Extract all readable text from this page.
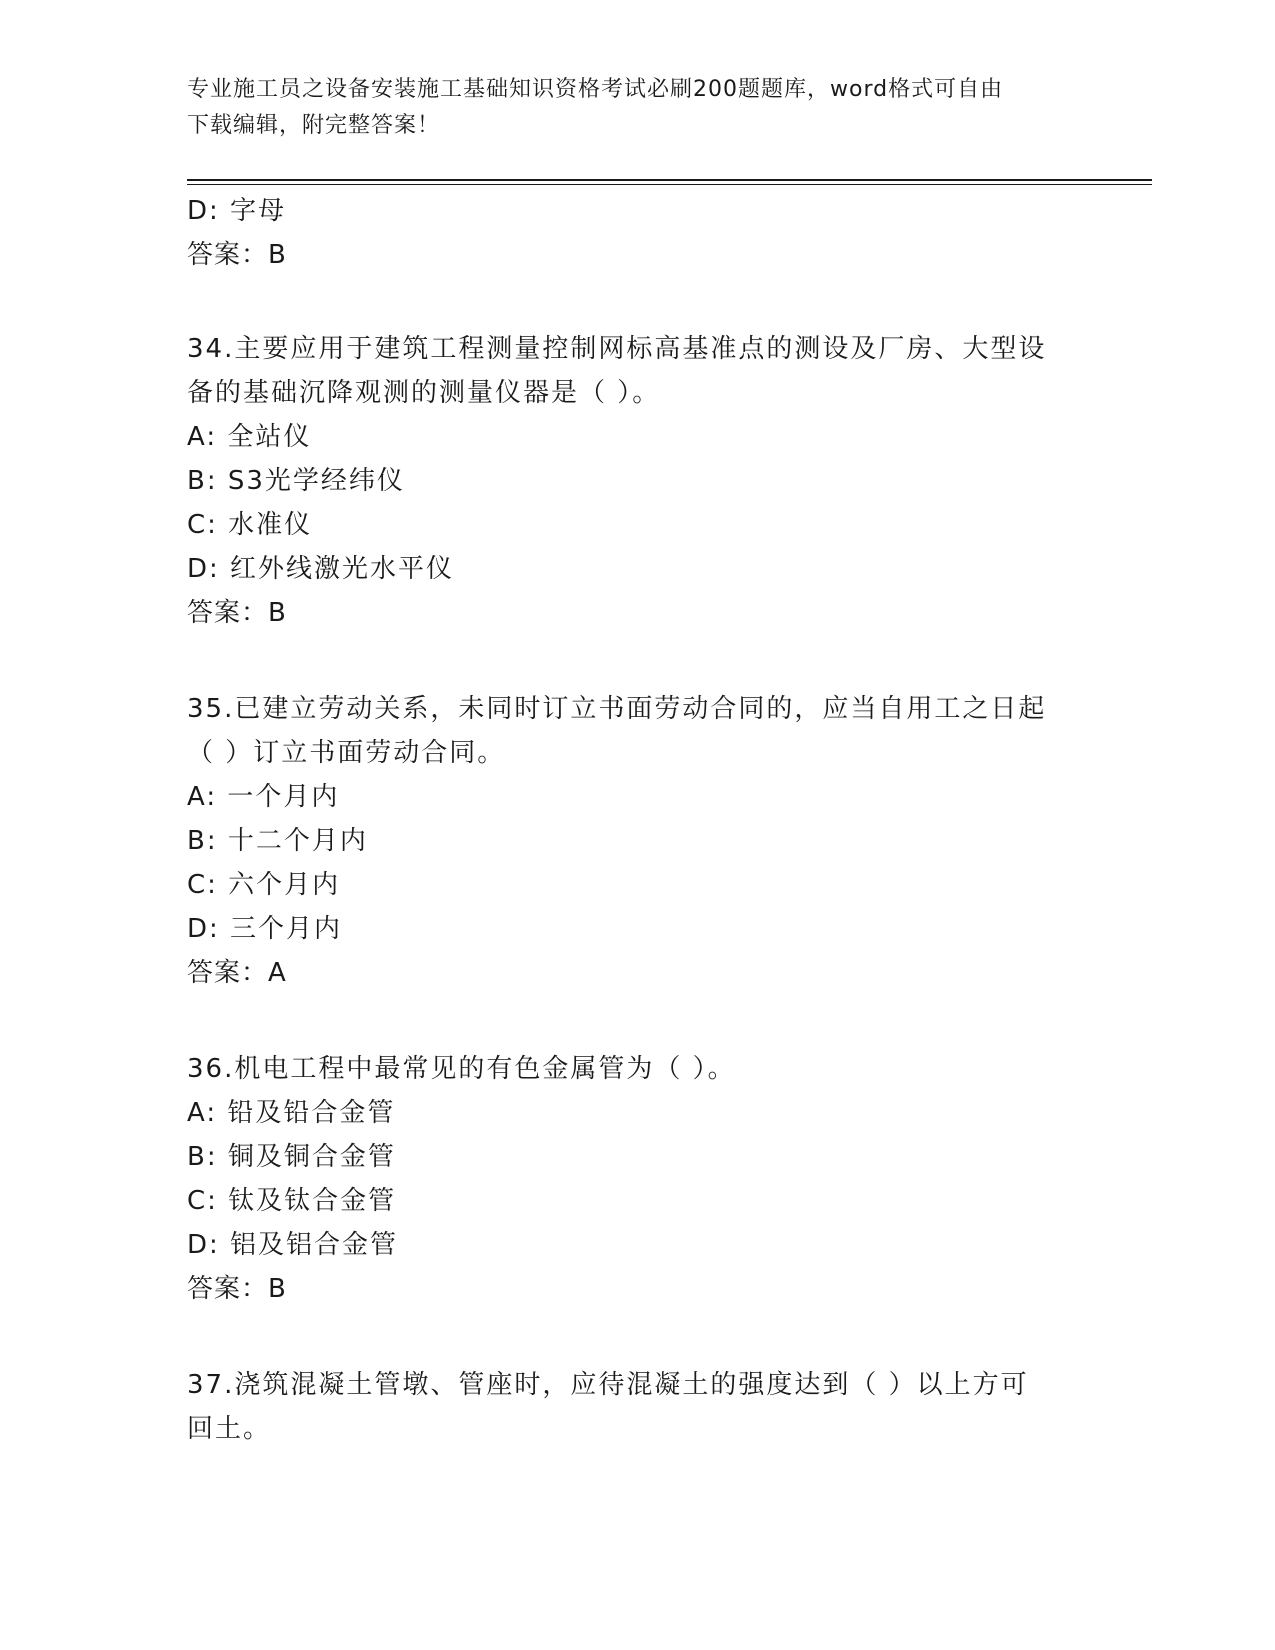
专业施工员之设备安装施工基础知识资格考试必刷200题题库，word格式可自由
下载编辑，附完整答案！
D: 字母
答案：B
34.主要应用于建筑工程测量控制网标高基准点的测设及厂房、大型设
备的基础沉降观测的测量仪器是（ ）。
A: 全站仪
B: S3光学经纬仪
C: 水准仪
D: 红外线激光水平仪
答案：B
35.已建立劳动关系，未同时订立书面劳动合同的，应当自用工之日起
（ ）订立书面劳动合同。
A: 一个月内
B: 十二个月内
C: 六个月内
D: 三个月内
答案：A
36.机电工程中最常见的有色金属管为（ ）。
A: 铅及铅合金管
B: 铜及铜合金管
C: 钛及钛合金管
D: 铝及铝合金管
答案：B
37.浇筑混凝土管墩、管座时，应待混凝土的强度达到（ ）以上方可
回土。
